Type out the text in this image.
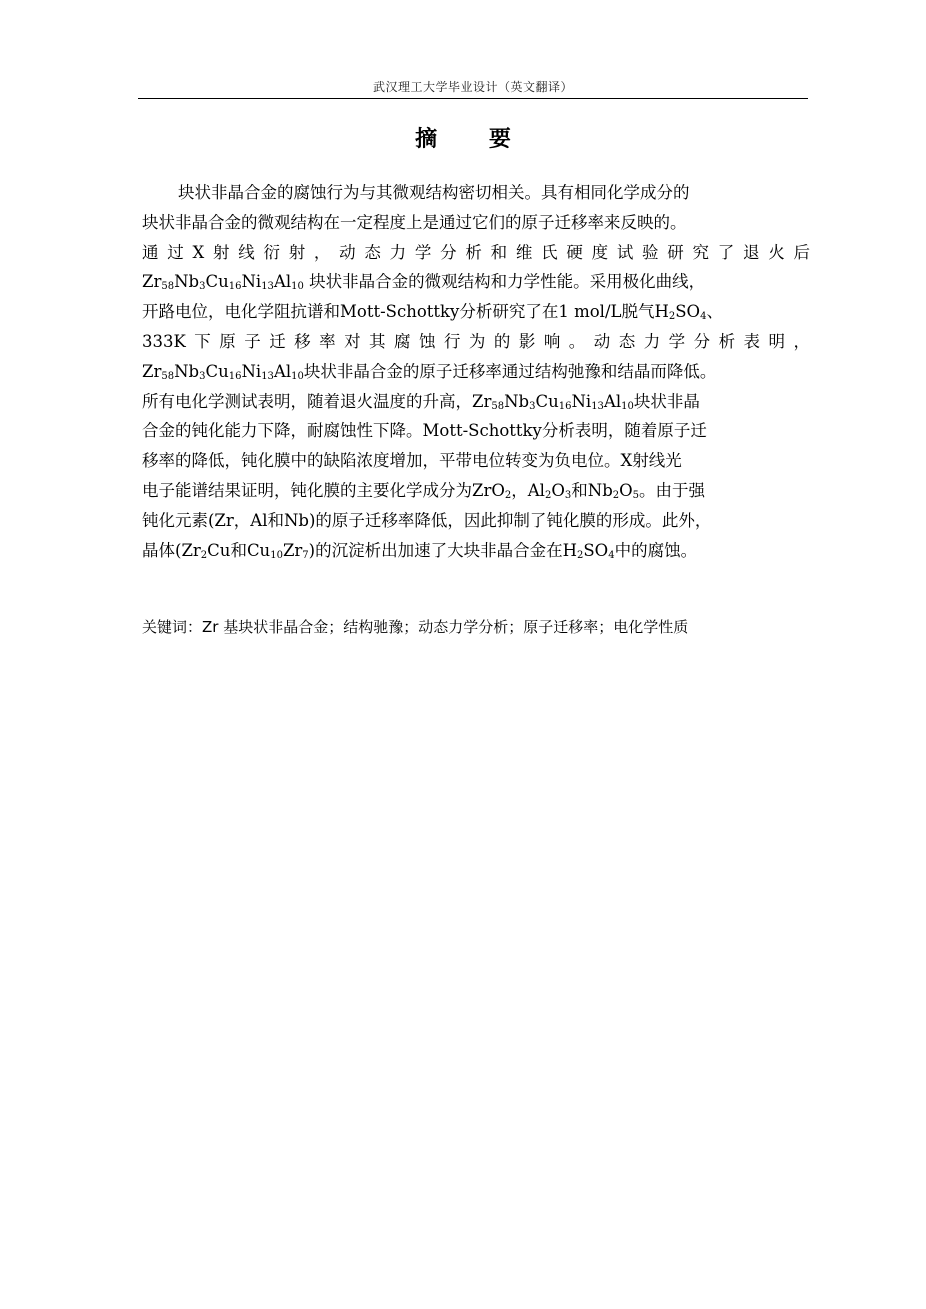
武汉理工大学毕业设计（英文翻译）
摘 要
块状非晶合金的腐蚀行为与其微观结构密切相关。具有相同化学成分的
块状非晶合金的微观结构在一定程度上是通过它们的原子迁移率来反映的。
通过X射线衍射，动态力学分析和维氏硬度试验研究了退火后
$Zr_{58}Nb_3Cu_{16}Ni_{13}Al_{10}$ 块状非晶合金的微观结构和力学性能。采用极化曲线，
开路电位，电化学阻抗谱和Mott-Schottky分析研究了在1 mol/L脱气$H_2SO_4$、
333K下原子迁移率对其腐蚀行为的影响。动态力学分析表明，
$Zr_{58}Nb_3Cu_{16}Ni_{13}Al_{10}$块状非晶合金的原子迁移率通过结构弛豫和结晶而降低。
所有电化学测试表明，随着退火温度的升高，$Zr_{58}Nb_3Cu_{16}Ni_{13}Al_{10}$块状非晶
合金的钝化能力下降，耐腐蚀性下降。Mott-Schottky分析表明，随着原子迁
移率的降低，钝化膜中的缺陷浓度增加，平带电位转变为负电位。X射线光
电子能谱结果证明，钝化膜的主要化学成分为ZrO$_2$，$Al_2O_3$和$Nb_2O_5$。由于强
钝化元素(Zr，Al和Nb)的原子迁移率降低，因此抑制了钝化膜的形成。此外，
晶体($Zr_2Cu$和$Cu_{10}Zr_7$)的沉淀析出加速了大块非晶合金在$H_2SO_4$中的腐蚀。
关键词：Zr 基块状非晶合金；结构驰豫；动态力学分析；原子迁移率；电化学性质
